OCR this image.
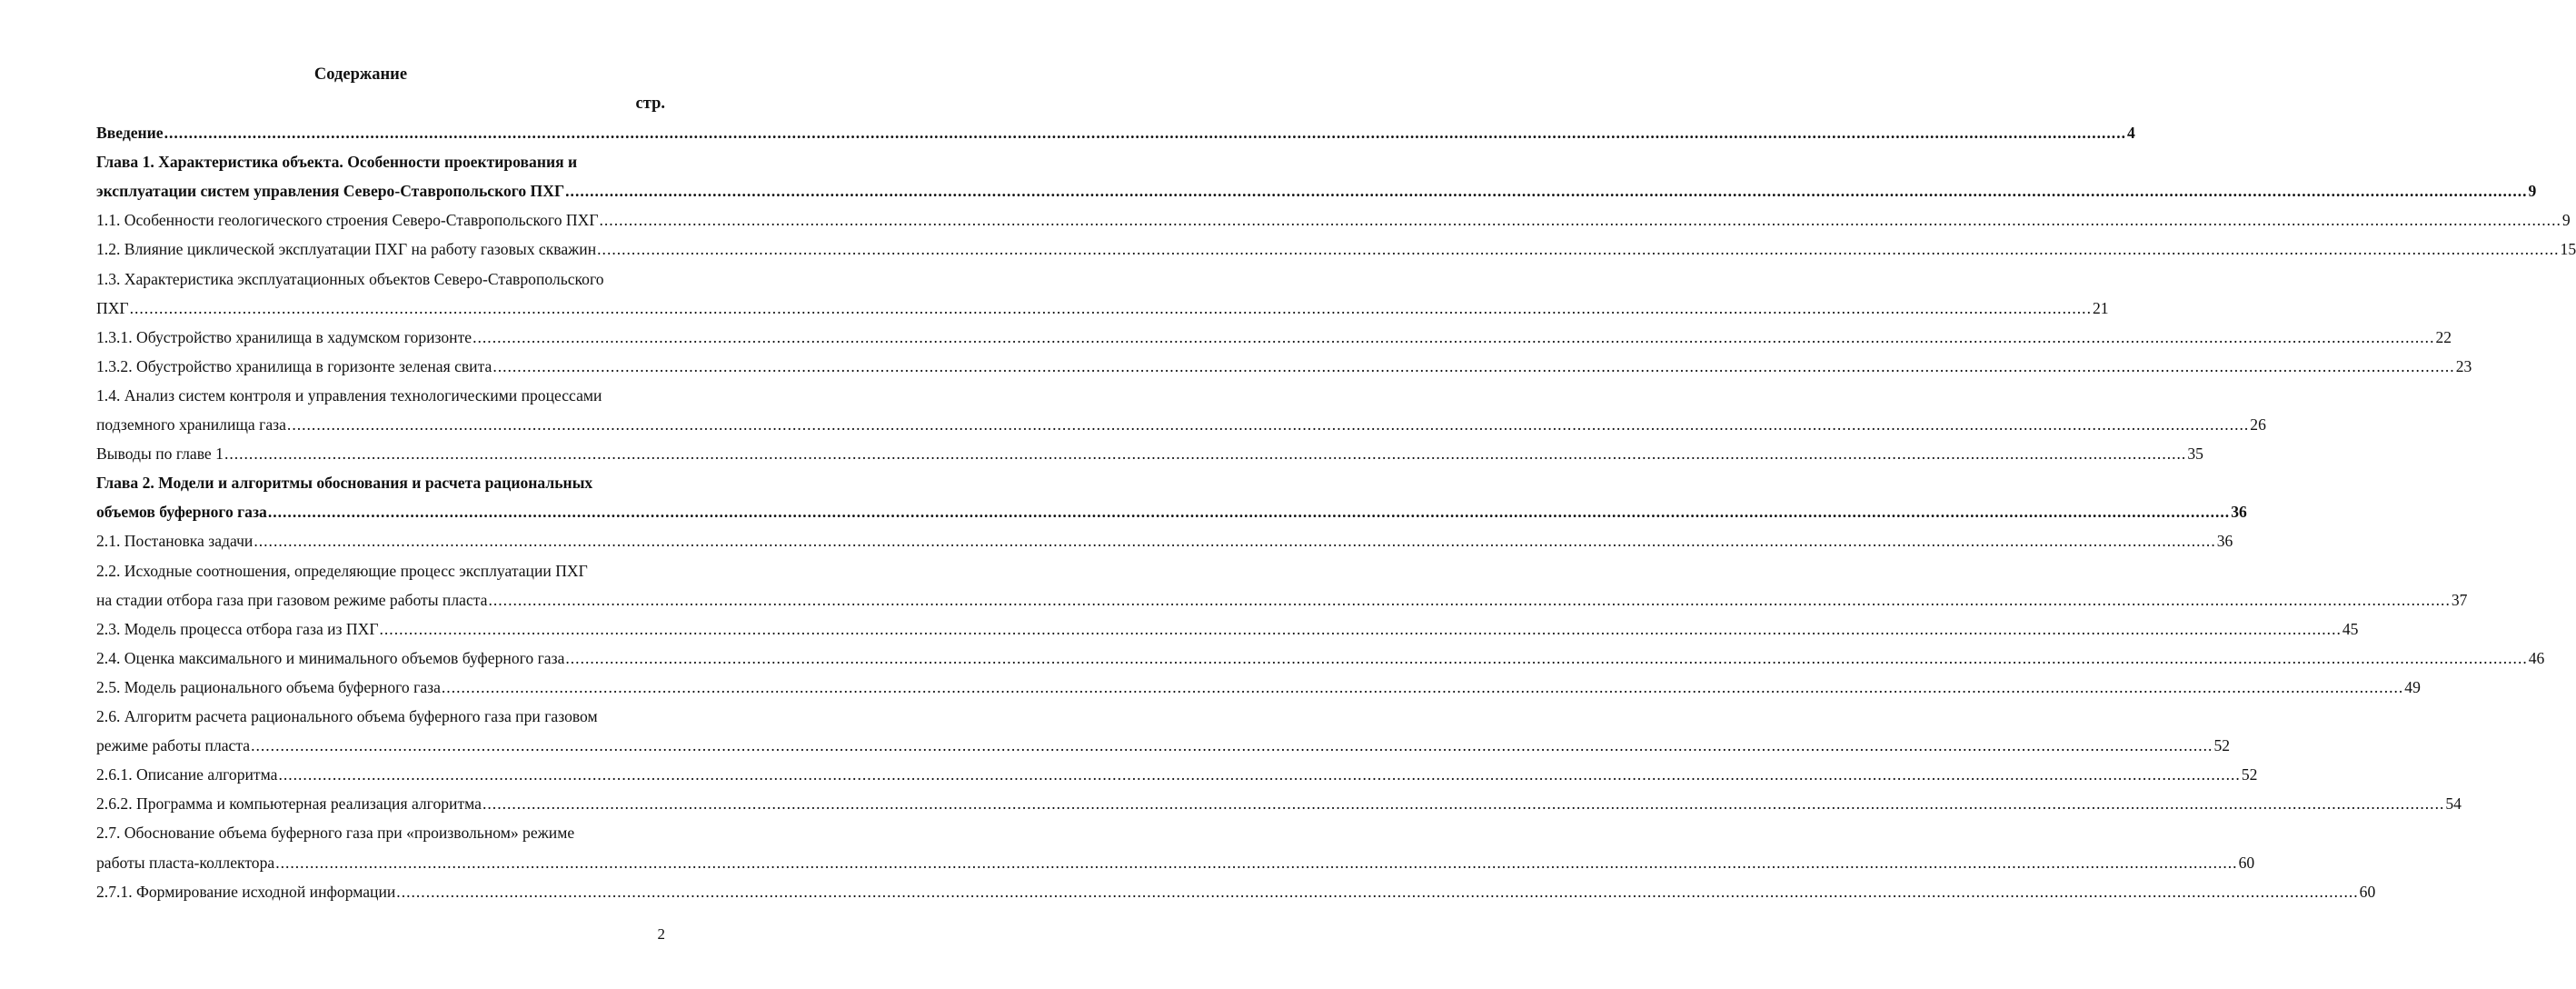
Содержание
стр.
Введение ................................................................................................................................................................................................................................................................................................................................................................................................................ 4
Глава 1. Характеристика объекта. Особенности проектирования и
эксплуатации систем управления Северо-Ставропольского ПХГ ................................................................................................................................................................................................................................................................................................................................................................................................................ 9
1.1. Особенности геологического строения Северо-Ставропольского ПХГ ................................................................................................................................................................................................................................................................................................................................................................................................................ 9
1.2. Влияние циклической эксплуатации ПХГ на работу газовых скважин ................................................................................................................................................................................................................................................................................................................................................................................................................ 15
1.3. Характеристика эксплуатационных объектов Северо-Ставропольского
ПХГ ................................................................................................................................................................................................................................................................................................................................................................................................................ 21
1.3.1. Обустройство хранилища в хадумском горизонте ................................................................................................................................................................................................................................................................................................................................................................................................................ 22
1.3.2. Обустройство хранилища в горизонте зеленая свита ................................................................................................................................................................................................................................................................................................................................................................................................................ 23
1.4. Анализ систем контроля и управления технологическими процессами
подземного хранилища газа ................................................................................................................................................................................................................................................................................................................................................................................................................ 26
Выводы по главе 1 ................................................................................................................................................................................................................................................................................................................................................................................................................ 35
Глава 2. Модели и алгоритмы обоснования и расчета рациональных
объемов буферного газа ................................................................................................................................................................................................................................................................................................................................................................................................................ 36
2.1. Постановка задачи ................................................................................................................................................................................................................................................................................................................................................................................................................ 36
2.2. Исходные соотношения, определяющие процесс эксплуатации ПХГ
на стадии отбора газа при газовом режиме работы пласта ................................................................................................................................................................................................................................................................................................................................................................................................................ 37
2.3. Модель процесса отбора газа из ПХГ ................................................................................................................................................................................................................................................................................................................................................................................................................ 45
2.4. Оценка максимального и минимального объемов буферного газа ................................................................................................................................................................................................................................................................................................................................................................................................................ 46
2.5. Модель рационального объема буферного газа ................................................................................................................................................................................................................................................................................................................................................................................................................ 49
2.6. Алгоритм расчета рационального объема буферного газа при газовом
режиме работы пласта ................................................................................................................................................................................................................................................................................................................................................................................................................ 52
2.6.1. Описание алгоритма ................................................................................................................................................................................................................................................................................................................................................................................................................ 52
2.6.2. Программа и компьютерная реализация алгоритма ................................................................................................................................................................................................................................................................................................................................................................................................................ 54
2.7. Обоснование объема буферного газа при «произвольном» режиме
работы пласта-коллектора ................................................................................................................................................................................................................................................................................................................................................................................................................ 60
2.7.1. Формирование исходной информации ................................................................................................................................................................................................................................................................................................................................................................................................................ 60
2
